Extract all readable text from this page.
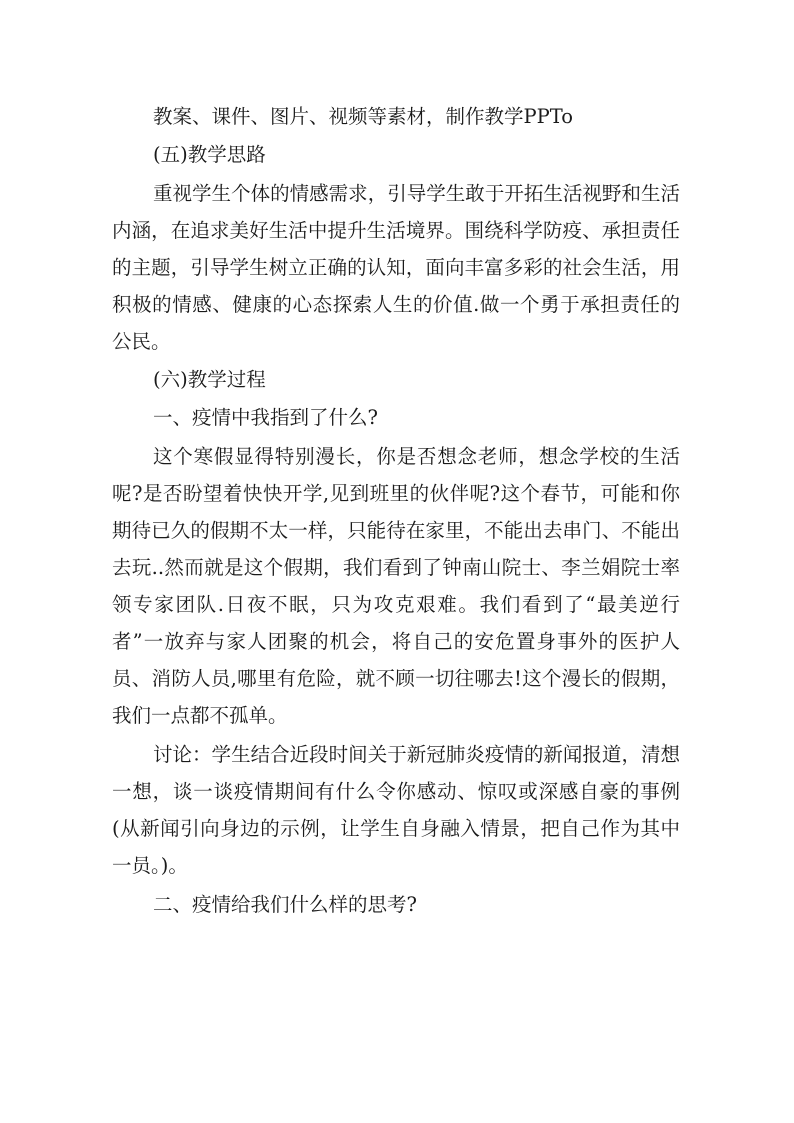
教案、课件、图片、视频等素材，制作教学PPTo

(五)教学思路

重视学生个体的情感需求，引导学生敢于开拓生活视野和生活内涵，在追求美好生活中提升生活境界。围绕科学防疫、承担责任的主题，引导学生树立正确的认知，面向丰富多彩的社会生活，用积极的情感、健康的心态探索人生的价值.做一个勇于承担责任的公民。

(六)教学过程

一、疫情中我指到了什么?

这个寒假显得特别漫长，你是否想念老师，想念学校的生活呢?是否盼望着快快开学,见到班里的伙伴呢?这个春节，可能和你期待已久的假期不太一样，只能待在家里，不能出去串门、不能出去玩..然而就是这个假期，我们看到了钟南山院士、李兰娟院士率领专家团队.日夜不眠，只为攻克艰难。我们看到了“最美逆行者”一放弃与家人团聚的机会，将自己的安危置身事外的医护人员、消防人员,哪里有危险，就不顾一切往哪去!这个漫长的假期，我们一点都不孤单。

讨论：学生结合近段时间关于新冠肺炎疫情的新闻报道，清想一想，谈一谈疫情期间有什么令你感动、惊叹或深感自豪的事例(从新闻引向身边的示例，让学生自身融入情景，把自己作为其中一员。)。

二、疫情给我们什么样的思考?
